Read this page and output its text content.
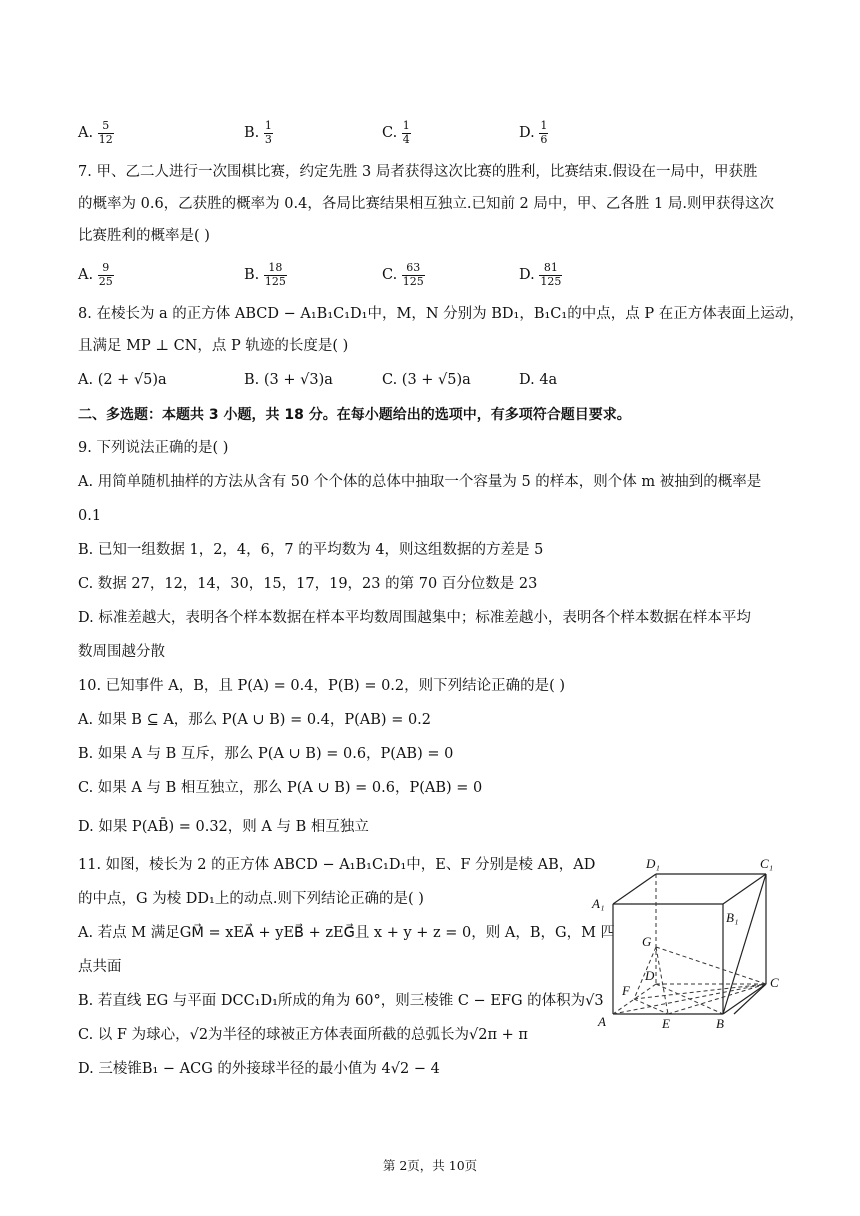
A. $\frac{5}{12}$	B. $\frac{1}{3}$	C. $\frac{1}{4}$	D. $\frac{1}{6}$
7. 甲、乙二人进行一次围棋比赛，约定先胜 3 局者获得这次比赛的胜利，比赛结束.假设在一局中，甲获胜
的概率为 0.6，乙获胜的概率为 0.4，各局比赛结果相互独立.已知前 2 局中，甲、乙各胜 1 局.则甲获得这次
比赛胜利的概率是( )
A. $\frac{9}{25}$	B. $\frac{18}{125}$	C. $\frac{63}{125}$	D. $\frac{81}{125}$
8. 在棱长为 a 的正方体 ABCD − A₁B₁C₁D₁中，M，N 分别为 BD₁，B₁C₁的中点，点 P 在正方体表面上运动，
且满足 MP ⊥ CN，点 P 轨迹的长度是( )
A. (2 + √5)a	B. (3 + √3)a	C. (3 + √5)a	D. 4a
二、多选题：本题共 3 小题，共 18 分。在每小题给出的选项中，有多项符合题目要求。
9. 下列说法正确的是( )
A. 用简单随机抽样的方法从含有 50 个个体的总体中抽取一个容量为 5 的样本，则个体 m 被抽到的概率是
0.1
B. 已知一组数据 1，2，4，6，7 的平均数为 4，则这组数据的方差是 5
C. 数据 27，12，14，30，15，17，19，23 的第 70 百分位数是 23
D. 标准差越大，表明各个样本数据在样本平均数周围越集中；标准差越小，表明各个样本数据在样本平均
数周围越分散
10. 已知事件 A，B，且 P(A) = 0.4，P(B) = 0.2，则下列结论正确的是( )
A. 如果 B ⊆ A，那么 P(A ∪ B) = 0.4，P(AB) = 0.2
B. 如果 A 与 B 互斥，那么 P(A ∪ B) = 0.6，P(AB) = 0
C. 如果 A 与 B 相互独立，那么 P(A ∪ B) = 0.6，P(AB) = 0
D. 如果 P(AB̄) = 0.32，则 A 与 B 相互独立
11. 如图，棱长为 2 的正方体 ABCD − A₁B₁C₁D₁中，E、F 分别是棱 AB，AD
的中点，G 为棱 DD₁上的动点.则下列结论正确的是( )
A. 若点 M 满足GM⃗ = xEA⃗ + yEB⃗ + zEG⃗且 x + y + z = 0，则 A，B，G，M 四
点共面
B. 若直线 EG 与平面 DCC₁D₁所成的角为 60°，则三棱锥 C − EFG 的体积为√3
C. 以 F 为球心，√2为半径的球被正方体表面所截的总弧长为√2π + π
D. 三棱锥B₁ − ACG 的外接球半径的最小值为 4√2 − 4
D₁	C₁
A₁
B₁
G
D	C
F
A	E	B
第 2页，共 10页
